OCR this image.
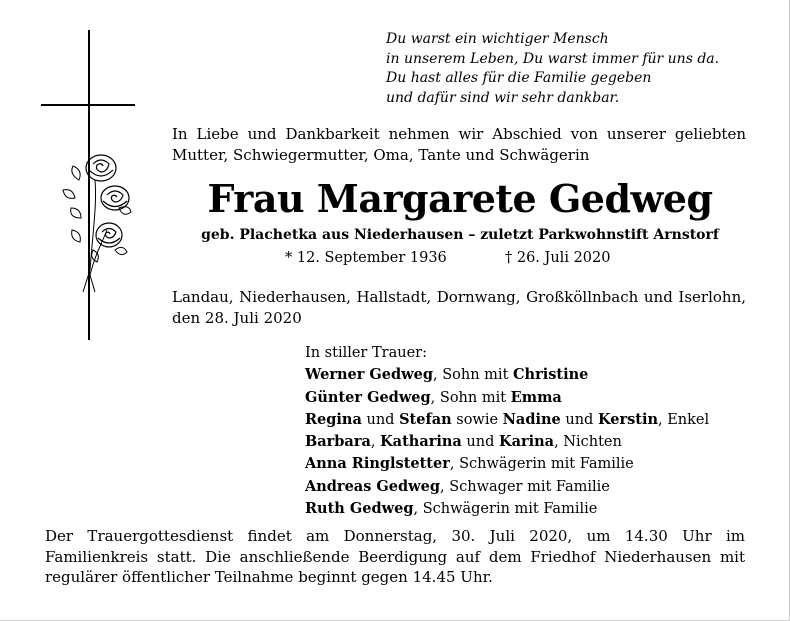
Du warst ein wichtiger Mensch
in unserem Leben, Du warst immer für uns da.
Du hast alles für die Familie gegeben
und dafür sind wir sehr dankbar.
In Liebe und Dankbarkeit nehmen wir Abschied von unserer geliebten Mutter, Schwiegermutter, Oma, Tante und Schwägerin
Frau Margarete Gedweg
geb. Plachetka aus Niederhausen – zuletzt Parkwohnstift Arnstorf
* 12. September 1936	† 26. Juli 2020
Landau, Niederhausen, Hallstadt, Dornwang, Großköllnbach und Iserlohn, den 28. Juli 2020
In stiller Trauer:
Werner Gedweg, Sohn mit Christine
Günter Gedweg, Sohn mit Emma
Regina und Stefan sowie Nadine und Kerstin, Enkel
Barbara, Katharina und Karina, Nichten
Anna Ringlstetter, Schwägerin mit Familie
Andreas Gedweg, Schwager mit Familie
Ruth Gedweg, Schwägerin mit Familie
Der Trauergottesdienst findet am Donnerstag, 30. Juli 2020, um 14.30 Uhr im Familienkreis statt. Die anschließende Beerdigung auf dem Friedhof Niederhausen mit regulärer öffentlicher Teilnahme beginnt gegen 14.45 Uhr.
